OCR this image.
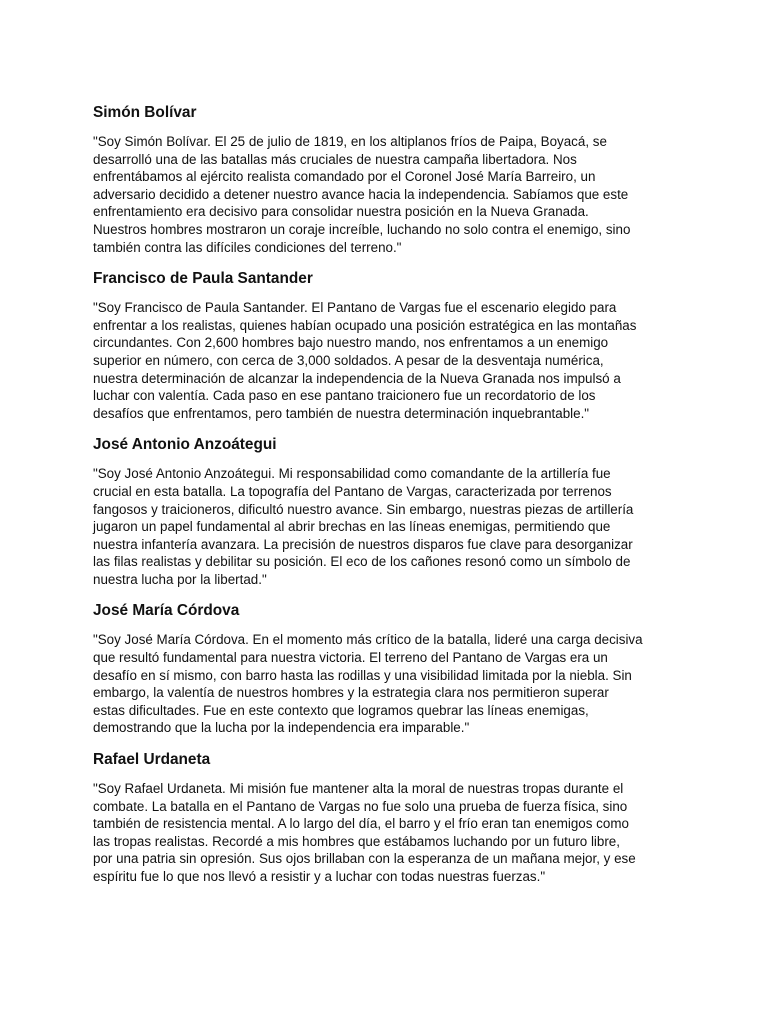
Simón Bolívar

"Soy Simón Bolívar. El 25 de julio de 1819, en los altiplanos fríos de Paipa, Boyacá, se
desarrolló una de las batallas más cruciales de nuestra campaña libertadora. Nos
enfrentábamos al ejército realista comandado por el Coronel José María Barreiro, un
adversario decidido a detener nuestro avance hacia la independencia. Sabíamos que este
enfrentamiento era decisivo para consolidar nuestra posición en la Nueva Granada.
Nuestros hombres mostraron un coraje increíble, luchando no solo contra el enemigo, sino
también contra las difíciles condiciones del terreno."

Francisco de Paula Santander

"Soy Francisco de Paula Santander. El Pantano de Vargas fue el escenario elegido para
enfrentar a los realistas, quienes habían ocupado una posición estratégica en las montañas
circundantes. Con 2,600 hombres bajo nuestro mando, nos enfrentamos a un enemigo
superior en número, con cerca de 3,000 soldados. A pesar de la desventaja numérica,
nuestra determinación de alcanzar la independencia de la Nueva Granada nos impulsó a
luchar con valentía. Cada paso en ese pantano traicionero fue un recordatorio de los
desafíos que enfrentamos, pero también de nuestra determinación inquebrantable."

José Antonio Anzoátegui

"Soy José Antonio Anzoátegui. Mi responsabilidad como comandante de la artillería fue
crucial en esta batalla. La topografía del Pantano de Vargas, caracterizada por terrenos
fangosos y traicioneros, dificultó nuestro avance. Sin embargo, nuestras piezas de artillería
jugaron un papel fundamental al abrir brechas en las líneas enemigas, permitiendo que
nuestra infantería avanzara. La precisión de nuestros disparos fue clave para desorganizar
las filas realistas y debilitar su posición. El eco de los cañones resonó como un símbolo de
nuestra lucha por la libertad."

José María Córdova

"Soy José María Córdova. En el momento más crítico de la batalla, lideré una carga decisiva
que resultó fundamental para nuestra victoria. El terreno del Pantano de Vargas era un
desafío en sí mismo, con barro hasta las rodillas y una visibilidad limitada por la niebla. Sin
embargo, la valentía de nuestros hombres y la estrategia clara nos permitieron superar
estas dificultades. Fue en este contexto que logramos quebrar las líneas enemigas,
demostrando que la lucha por la independencia era imparable."

Rafael Urdaneta

"Soy Rafael Urdaneta. Mi misión fue mantener alta la moral de nuestras tropas durante el
combate. La batalla en el Pantano de Vargas no fue solo una prueba de fuerza física, sino
también de resistencia mental. A lo largo del día, el barro y el frío eran tan enemigos como
las tropas realistas. Recordé a mis hombres que estábamos luchando por un futuro libre,
por una patria sin opresión. Sus ojos brillaban con la esperanza de un mañana mejor, y ese
espíritu fue lo que nos llevó a resistir y a luchar con todas nuestras fuerzas."
